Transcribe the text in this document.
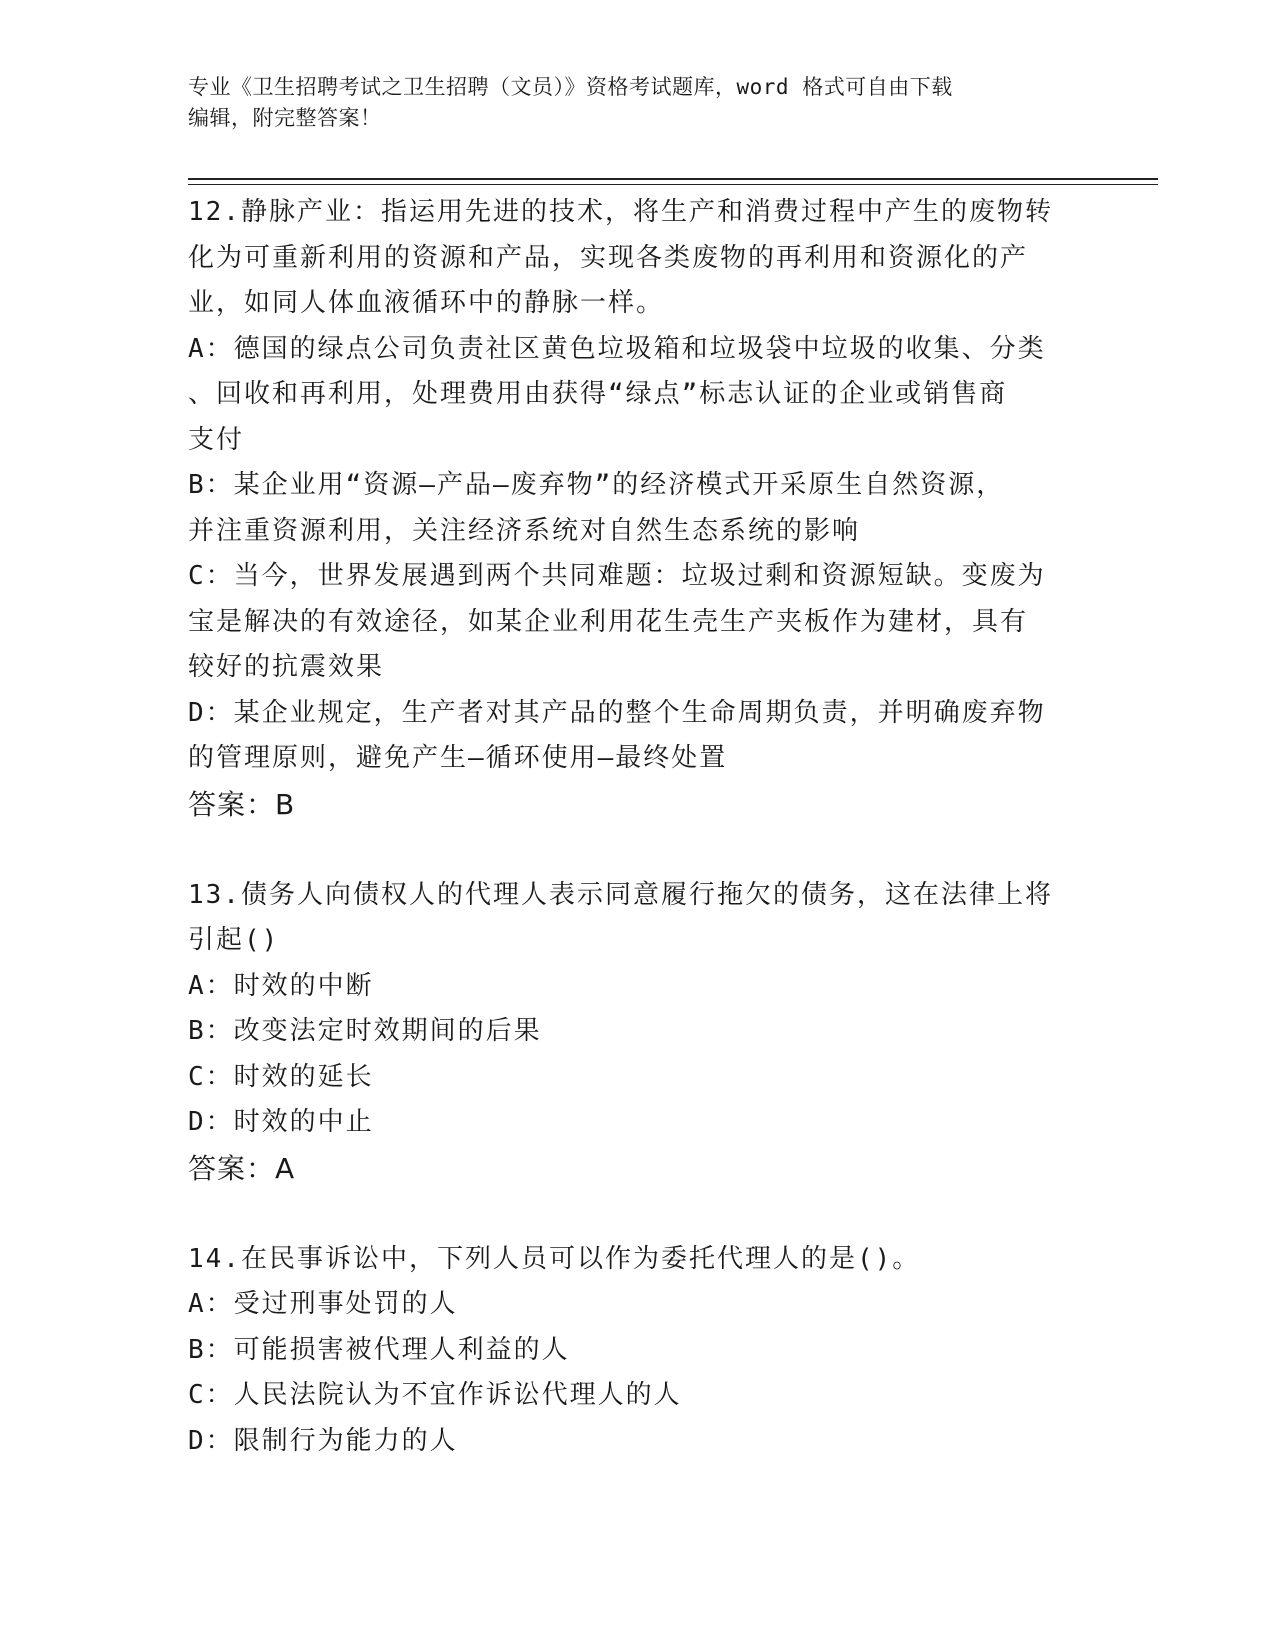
专业《卫生招聘考试之卫生招聘（文员）》资格考试题库，word 格式可自由下载
编辑，附完整答案！
12.静脉产业：指运用先进的技术，将生产和消费过程中产生的废物转
化为可重新利用的资源和产品，实现各类废物的再利用和资源化的产
业，如同人体血液循环中的静脉一样。
A：德国的绿点公司负责社区黄色垃圾箱和垃圾袋中垃圾的收集、分类
、回收和再利用，处理费用由获得“绿点”标志认证的企业或销售商
支付
B：某企业用“资源—产品—废弃物”的经济模式开采原生自然资源，
并注重资源利用，关注经济系统对自然生态系统的影响
C：当今，世界发展遇到两个共同难题：垃圾过剩和资源短缺。变废为
宝是解决的有效途径，如某企业利用花生壳生产夹板作为建材，具有
较好的抗震效果
D：某企业规定，生产者对其产品的整个生命周期负责，并明确废弃物
的管理原则，避免产生—循环使用—最终处置
答案：B
13.债务人向债权人的代理人表示同意履行拖欠的债务，这在法律上将
引起()
A：时效的中断
B：改变法定时效期间的后果
C：时效的延长
D：时效的中止
答案：A
14.在民事诉讼中，下列人员可以作为委托代理人的是()。
A：受过刑事处罚的人
B：可能损害被代理人利益的人
C：人民法院认为不宜作诉讼代理人的人
D：限制行为能力的人
